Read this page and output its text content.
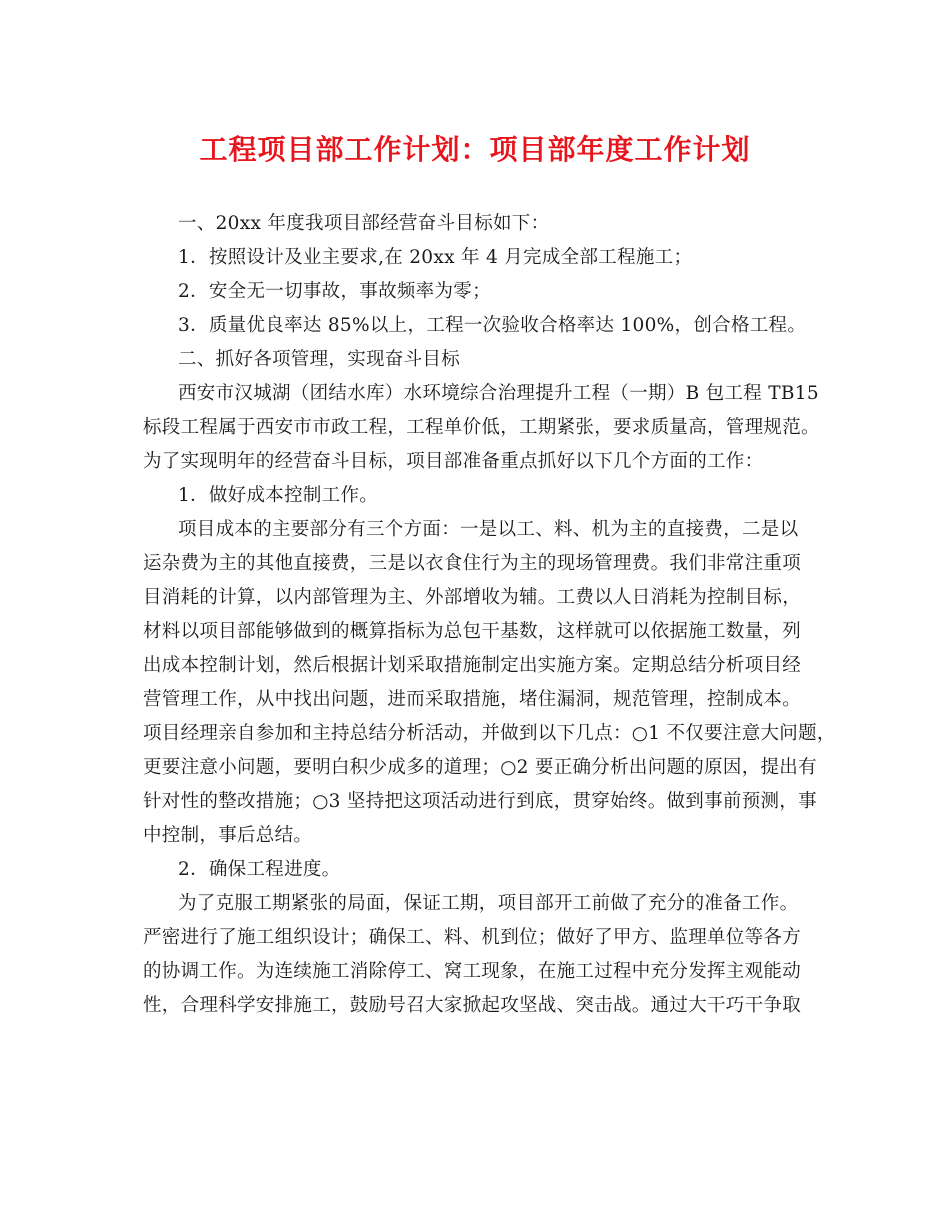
工程项目部工作计划：项目部年度工作计划
一、20xx 年度我项目部经营奋斗目标如下：
1．按照设计及业主要求,在 20xx 年 4 月完成全部工程施工；
2．安全无一切事故，事故频率为零；
3．质量优良率达 85%以上，工程一次验收合格率达 100%，创合格工程。
二、抓好各项管理，实现奋斗目标
西安市汉城湖（团结水库）水环境综合治理提升工程（一期）B 包工程 TB15
标段工程属于西安市市政工程，工程单价低，工期紧张，要求质量高，管理规范。
为了实现明年的经营奋斗目标，项目部准备重点抓好以下几个方面的工作：
1．做好成本控制工作。
项目成本的主要部分有三个方面：一是以工、料、机为主的直接费，二是以
运杂费为主的其他直接费，三是以衣食住行为主的现场管理费。我们非常注重项
目消耗的计算，以内部管理为主、外部增收为辅。工费以人日消耗为控制目标，
材料以项目部能够做到的概算指标为总包干基数，这样就可以依据施工数量，列
出成本控制计划，然后根据计划采取措施制定出实施方案。定期总结分析项目经
营管理工作，从中找出问题，进而采取措施，堵住漏洞，规范管理，控制成本。
项目经理亲自参加和主持总结分析活动，并做到以下几点：○1 不仅要注意大问题，
更要注意小问题，要明白积少成多的道理；○2 要正确分析出问题的原因，提出有
针对性的整改措施；○3 坚持把这项活动进行到底，贯穿始终。做到事前预测，事
中控制，事后总结。
2．确保工程进度。
为了克服工期紧张的局面，保证工期，项目部开工前做了充分的准备工作。
严密进行了施工组织设计；确保工、料、机到位；做好了甲方、监理单位等各方
的协调工作。为连续施工消除停工、窝工现象，在施工过程中充分发挥主观能动
性，合理科学安排施工，鼓励号召大家掀起攻坚战、突击战。通过大干巧干争取
